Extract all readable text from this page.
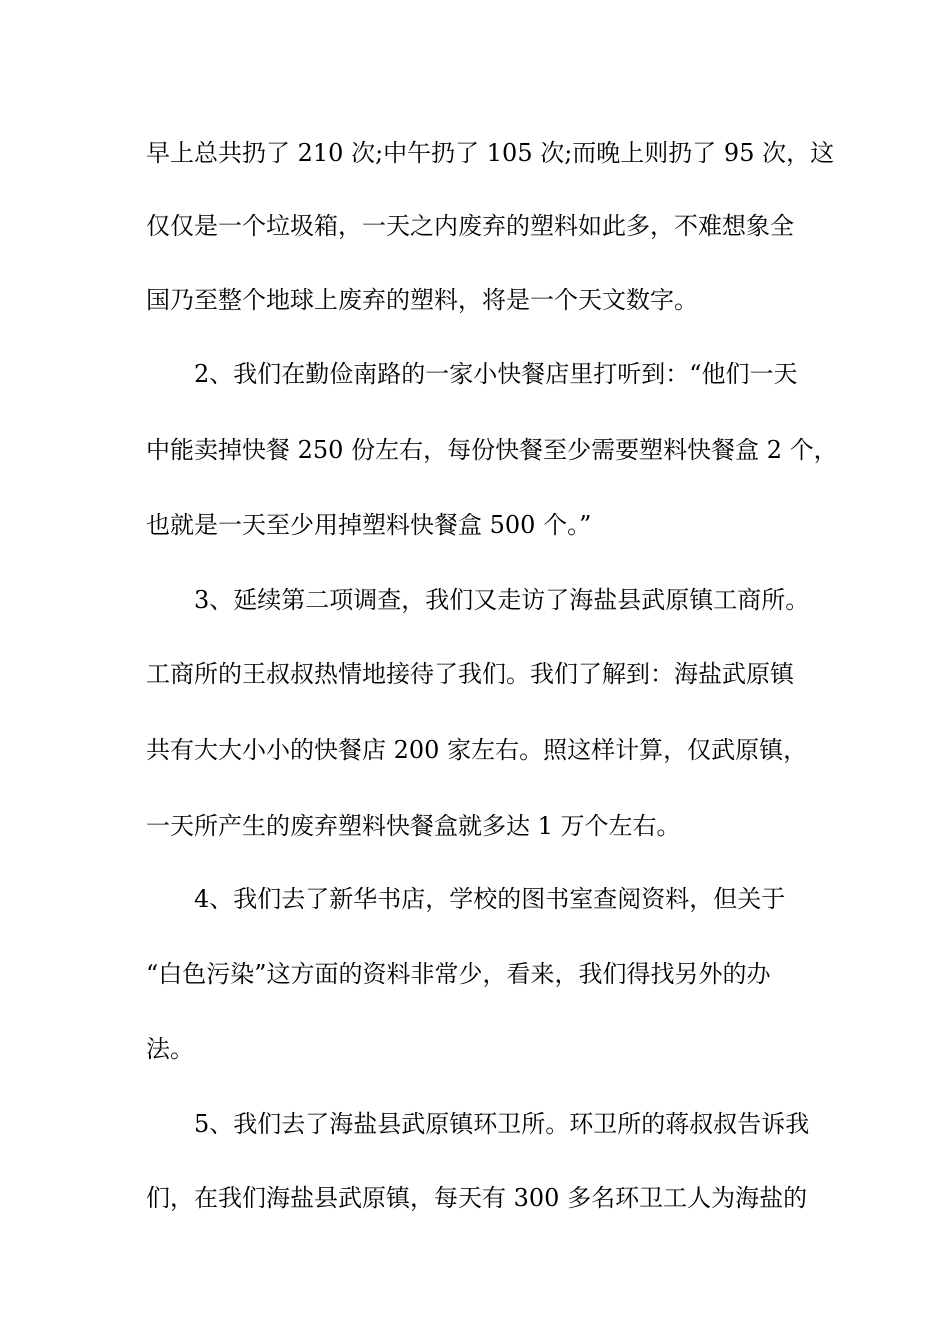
早上总共扔了 210 次;中午扔了 105 次;而晚上则扔了 95 次，这
仅仅是一个垃圾箱，一天之内废弃的塑料如此多，不难想象全
国乃至整个地球上废弃的塑料，将是一个天文数字。
2、我们在勤俭南路的一家小快餐店里打听到：“他们一天
中能卖掉快餐 250 份左右，每份快餐至少需要塑料快餐盒 2 个，
也就是一天至少用掉塑料快餐盒 500 个。”
3、延续第二项调查，我们又走访了海盐县武原镇工商所。
工商所的王叔叔热情地接待了我们。我们了解到：海盐武原镇
共有大大小小的快餐店 200 家左右。照这样计算，仅武原镇，
一天所产生的废弃塑料快餐盒就多达 1 万个左右。
4、我们去了新华书店，学校的图书室查阅资料，但关于
“白色污染”这方面的资料非常少，看来，我们得找另外的办
法。
5、我们去了海盐县武原镇环卫所。环卫所的蒋叔叔告诉我
们，在我们海盐县武原镇，每天有 300 多名环卫工人为海盐的
